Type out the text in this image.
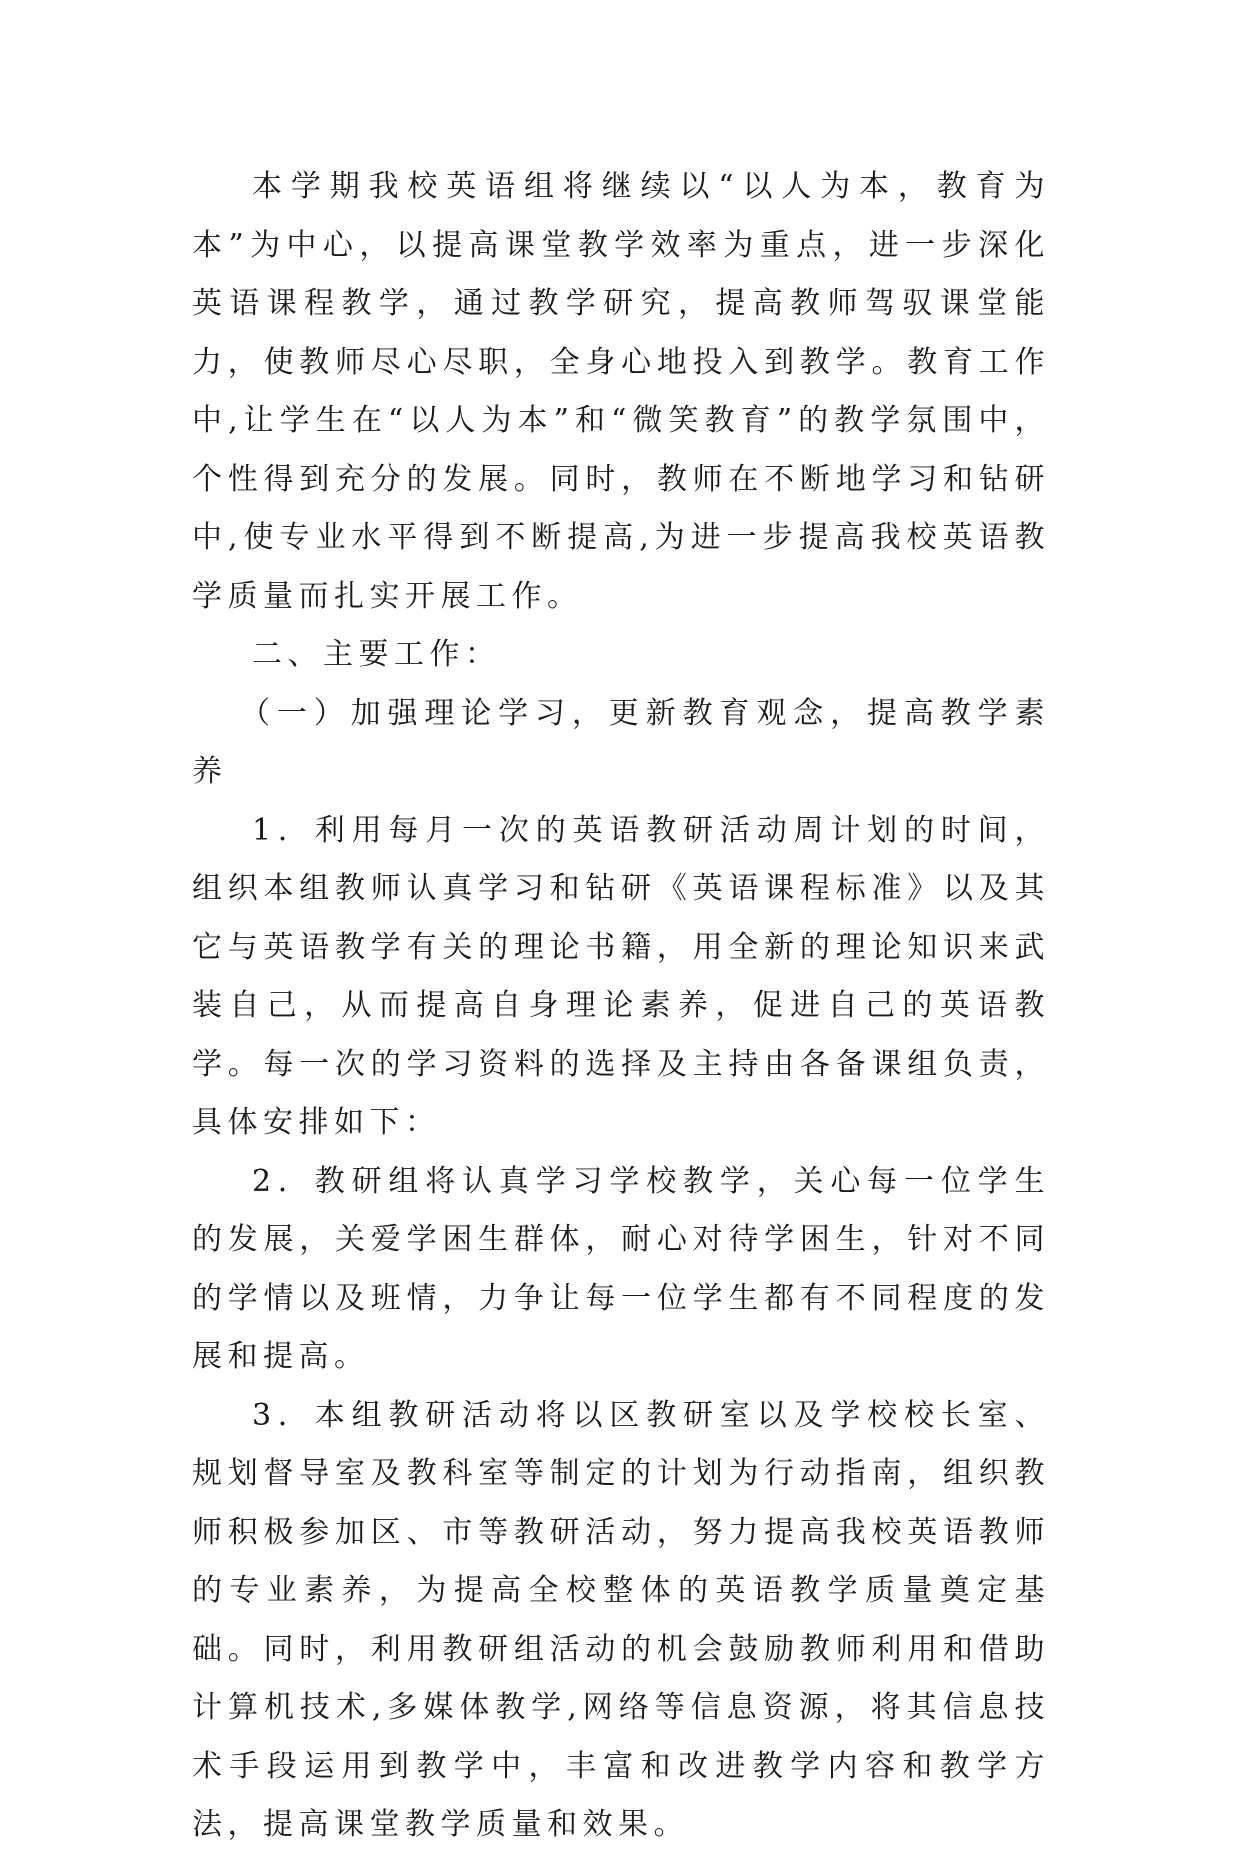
本学期我校英语组将继续以“以人为本，教育为本”为中心，以提高课堂教学效率为重点，进一步深化英语课程教学，通过教学研究，提高教师驾驭课堂能力，使教师尽心尽职，全身心地投入到教学。教育工作中,让学生在“以人为本”和“微笑教育”的教学氛围中，个性得到充分的发展。同时，教师在不断地学习和钻研中,使专业水平得到不断提高,为进一步提高我校英语教学质量而扎实开展工作。

二、主要工作：

（一）加强理论学习，更新教育观念，提高教学素养

1．利用每月一次的英语教研活动周计划的时间，组织本组教师认真学习和钻研《英语课程标准》以及其它与英语教学有关的理论书籍，用全新的理论知识来武装自己，从而提高自身理论素养，促进自己的英语教学。每一次的学习资料的选择及主持由各备课组负责，具体安排如下：

2．教研组将认真学习学校教学，关心每一位学生的发展，关爱学困生群体，耐心对待学困生，针对不同的学情以及班情，力争让每一位学生都有不同程度的发展和提高。

3．本组教研活动将以区教研室以及学校校长室、规划督导室及教科室等制定的计划为行动指南，组织教师积极参加区、市等教研活动，努力提高我校英语教师的专业素养，为提高全校整体的英语教学质量奠定基础。同时，利用教研组活动的机会鼓励教师利用和借助计算机技术,多媒体教学,网络等信息资源，将其信息技术手段运用到教学中，丰富和改进教学内容和教学方法，提高课堂教学质量和效果。
